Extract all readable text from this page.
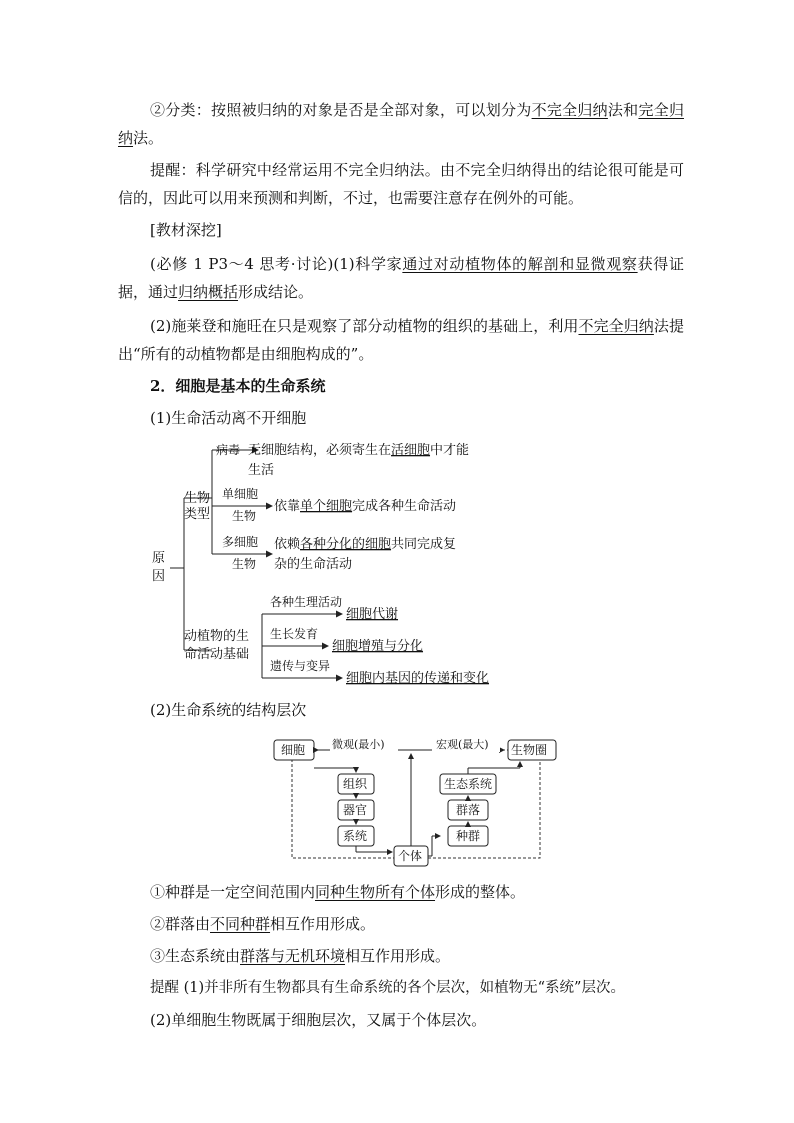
②分类：按照被归纳的对象是否是全部对象，可以划分为不完全归纳法和完全归纳法。
提醒：科学研究中经常运用不完全归纳法。由不完全归纳得出的结论很可能是可信的，因此可以用来预测和判断，不过，也需要注意存在例外的可能。
[教材深挖]
(必修 1 P3～4 思考·讨论)(1)科学家通过对动植物体的解剖和显微观察获得证据，通过归纳概括形成结论。
(2)施莱登和施旺在只是观察了部分动植物的组织的基础上，利用不完全归纳法提出“所有的动植物都是由细胞构成的”。
2．细胞是基本的生命系统
(1)生命活动离不开细胞
原
因
生物
类型
病毒 无细胞结构，必须寄生在活细胞中才能
生活
单细胞
生物
依靠单个细胞完成各种生命活动
多细胞
生物
依赖各种分化的细胞共同完成复
杂的生命活动
动植物的生
命活动基础
各种生理活动
细胞代谢
生长发育
细胞增殖与分化
遗传与变异
细胞内基因的传递和变化
(2)生命系统的结构层次
细胞	生物圈
微观(最小)	宏观(最大)
组织
器官
系统
个体
生态系统
群落
种群
①种群是一定空间范围内同种生物所有个体形成的整体。
②群落由不同种群相互作用形成。
③生态系统由群落与无机环境相互作用形成。
提醒 (1)并非所有生物都具有生命系统的各个层次，如植物无“系统”层次。
(2)单细胞生物既属于细胞层次，又属于个体层次。
